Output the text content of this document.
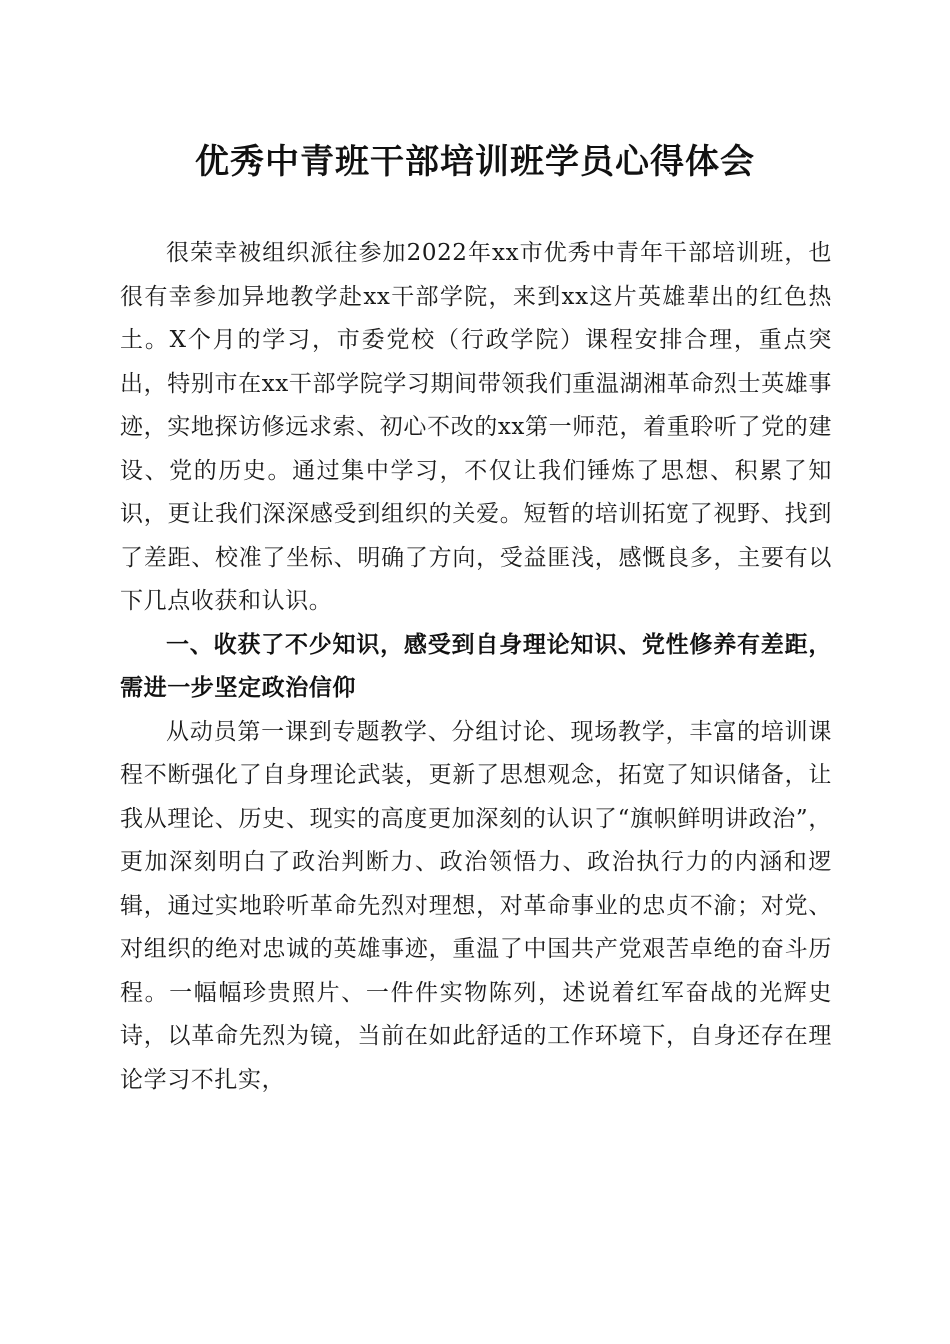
优秀中青班干部培训班学员心得体会

很荣幸被组织派往参加2022年xx市优秀中青年干部培训班，也很有幸参加异地教学赴xx干部学院，来到xx这片英雄辈出的红色热土。X个月的学习，市委党校（行政学院）课程安排合理，重点突出，特别市在xx干部学院学习期间带领我们重温湖湘革命烈士英雄事迹，实地探访修远求索、初心不改的xx第一师范，着重聆听了党的建设、党的历史。通过集中学习，不仅让我们锤炼了思想、积累了知识，更让我们深深感受到组织的关爱。短暂的培训拓宽了视野、找到了差距、校准了坐标、明确了方向，受益匪浅，感慨良多，主要有以下几点收获和认识。

一、收获了不少知识，感受到自身理论知识、党性修养有差距，需进一步坚定政治信仰

从动员第一课到专题教学、分组讨论、现场教学，丰富的培训课程不断强化了自身理论武装，更新了思想观念，拓宽了知识储备，让我从理论、历史、现实的高度更加深刻的认识了“旗帜鲜明讲政治”，更加深刻明白了政治判断力、政治领悟力、政治执行力的内涵和逻辑，通过实地聆听革命先烈对理想，对革命事业的忠贞不渝；对党、对组织的绝对忠诚的英雄事迹，重温了中国共产党艰苦卓绝的奋斗历程。一幅幅珍贵照片、一件件实物陈列，述说着红军奋战的光辉史诗，以革命先烈为镜，当前在如此舒适的工作环境下，自身还存在理论学习不扎实，
